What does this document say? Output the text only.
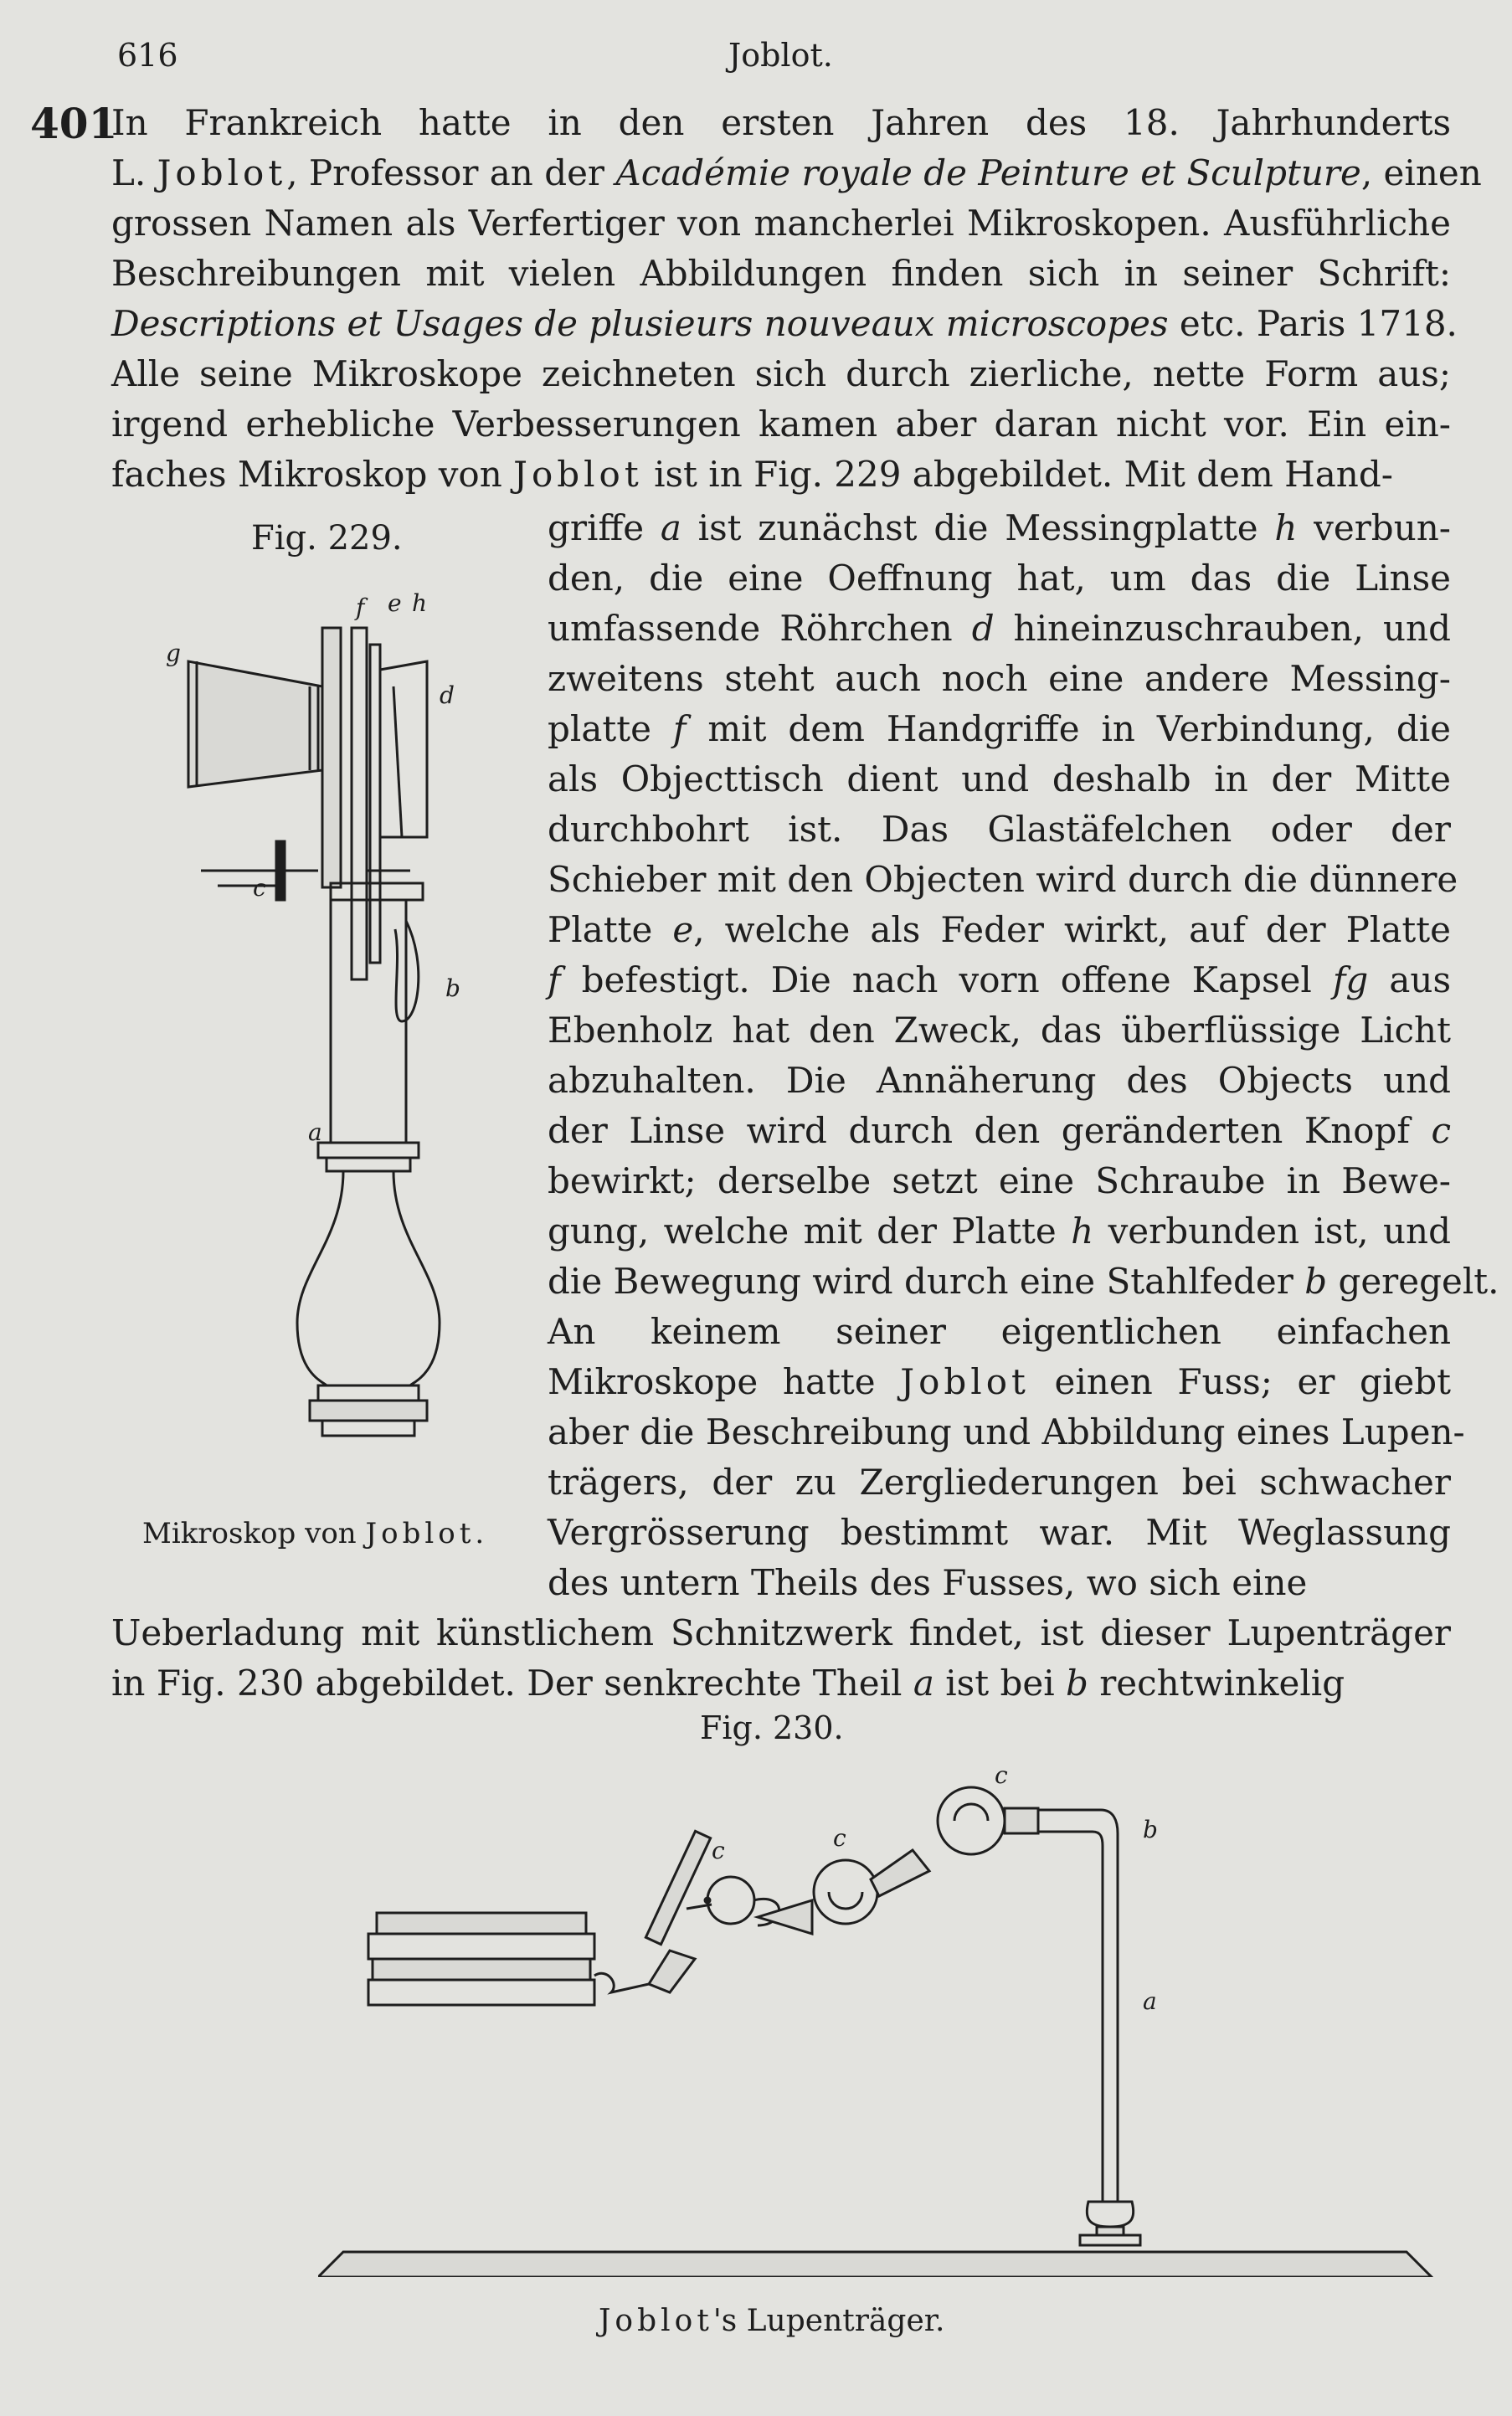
616	Joblot.
401
In Frankreich hatte in den ersten Jahren des 18. Jahrhunderts
L. Joblot, Professor an der Académie royale de Peinture et Sculpture, einen
grossen Namen als Verfertiger von mancherlei Mikroskopen. Ausführliche
Beschreibungen mit vielen Abbildungen finden sich in seiner Schrift:
Descriptions et Usages de plusieurs nouveaux microscopes etc. Paris 1718.
Alle seine Mikroskope zeichneten sich durch zierliche, nette Form aus;
irgend erhebliche Verbesserungen kamen aber daran nicht vor. Ein ein-
faches Mikroskop von Joblot ist in Fig. 229 abgebildet. Mit dem Hand-
griffe a ist zunächst die Messingplatte h verbun-
den, die eine Oeffnung hat, um das die Linse
umfassende Röhrchen d hineinzuschrauben, und
zweitens steht auch noch eine andere Messing-
platte f mit dem Handgriffe in Verbindung, die
als Objecttisch dient und deshalb in der Mitte
durchbohrt ist. Das Glastäfelchen oder der
Schieber mit den Objecten wird durch die dünnere
Platte e, welche als Feder wirkt, auf der Platte
f befestigt. Die nach vorn offene Kapsel fg aus
Ebenholz hat den Zweck, das überflüssige Licht
abzuhalten. Die Annäherung des Objects und
der Linse wird durch den geränderten Knopf c
bewirkt; derselbe setzt eine Schraube in Bewe-
gung, welche mit der Platte h verbunden ist, und
die Bewegung wird durch eine Stahlfeder b geregelt.
An keinem seiner eigentlichen einfachen
Mikroskope hatte Joblot einen Fuss; er giebt
aber die Beschreibung und Abbildung eines Lupen-
trägers, der zu Zergliederungen bei schwacher
Vergrösserung bestimmt war. Mit Weglassung
des untern Theils des Fusses, wo sich eine
Ueberladung mit künstlichem Schnitzwerk findet, ist dieser Lupenträger
in Fig. 230 abgebildet. Der senkrechte Theil a ist bei b rechtwinkelig
Fig. 229.
f e h
g
d
c
b
a
Mikroskop von Joblot.
Fig. 230.
c	c
c
b
a
Joblot's Lupenträger.
